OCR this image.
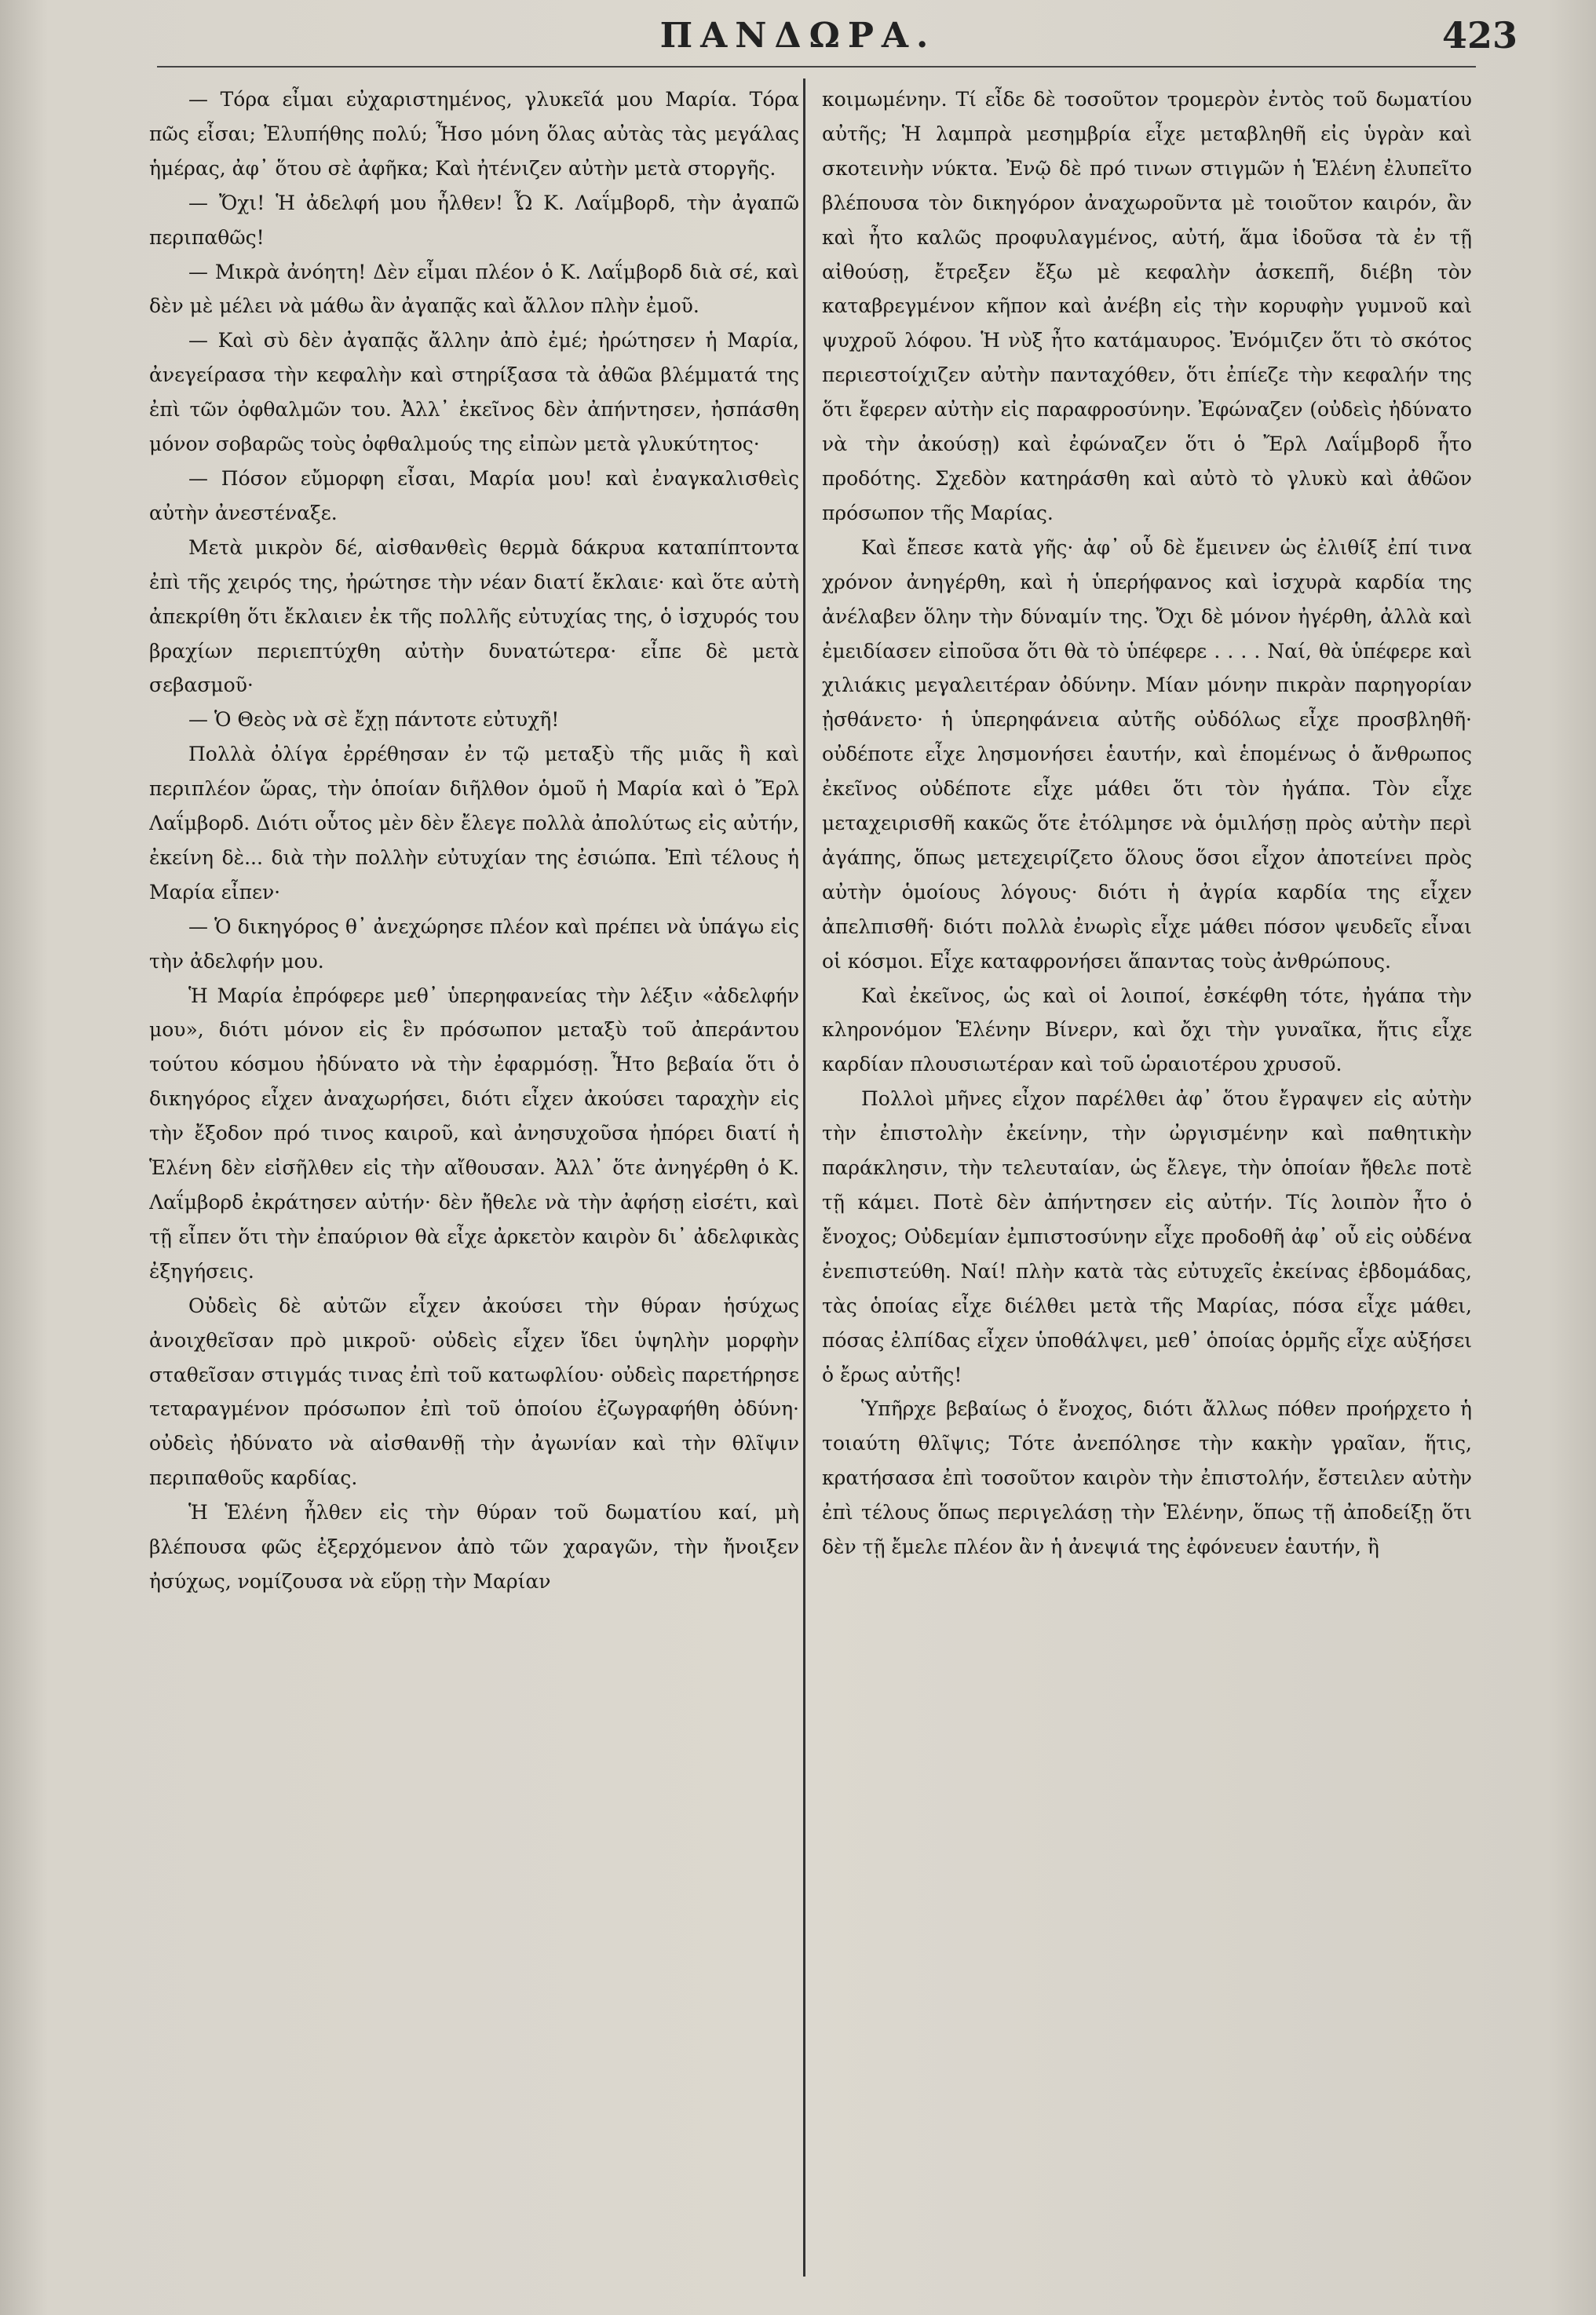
ΠΑΝΔΩΡΑ.	423

— Τόρα εἶμαι εὐχαριστημένος, γλυκεῖά μου Μαρία. Τόρα πῶς εἶσαι; Ἐλυπήθης πολύ; Ἦσο μόνη ὅλας αὐτὰς τὰς μεγάλας ἡμέρας, ἀφ᾽ ὅτου σὲ ἀφῆκα; Καὶ ἠτένιζεν αὐτὴν μετὰ στοργῆς.

— Ὄχι! Ἡ ἀδελφή μου ἦλθεν! Ὦ Κ. Λαΐμβορδ, τὴν ἀγαπῶ περιπαθῶς!

— Μικρὰ ἀνόητη! Δὲν εἶμαι πλέον ὁ Κ. Λαΐμβορδ διὰ σέ, καὶ δὲν μὲ μέλει νὰ μάθω ἂν ἀγαπᾷς καὶ ἄλλον πλὴν ἐμοῦ.

— Καὶ σὺ δὲν ἀγαπᾷς ἄλλην ἀπὸ ἐμέ; ἠρώτησεν ἡ Μαρία, ἀνεγείρασα τὴν κεφαλὴν καὶ στηρίξασα τὰ ἀθῶα βλέμματά της ἐπὶ τῶν ὀφθαλμῶν του. Ἀλλ᾽ ἐκεῖνος δὲν ἀπήντησεν, ἠσπάσθη μόνον σοβαρῶς τοὺς ὀφθαλμούς της εἰπὼν μετὰ γλυκύτητος·

— Πόσον εὔμορφη εἶσαι, Μαρία μου! καὶ ἐναγκαλισθεὶς αὐτὴν ἀνεστέναξε.

Μετὰ μικρὸν δέ, αἰσθανθεὶς θερμὰ δάκρυα καταπίπτοντα ἐπὶ τῆς χειρός της, ἠρώτησε τὴν νέαν διατί ἔκλαιε· καὶ ὅτε αὐτὴ ἀπεκρίθη ὅτι ἔκλαιεν ἐκ τῆς πολλῆς εὐτυχίας της, ὁ ἰσχυρός του βραχίων περιεπτύχθη αὐτὴν δυνατώτερα· εἶπε δὲ μετὰ σεβασμοῦ·

— Ὁ Θεὸς νὰ σὲ ἔχῃ πάντοτε εὐτυχῆ!

Πολλὰ ὀλίγα ἐρρέθησαν ἐν τῷ μεταξὺ τῆς μιᾶς ἢ καὶ περιπλέον ὥρας, τὴν ὁποίαν διῆλθον ὁμοῦ ἡ Μαρία καὶ ὁ Ἔρλ Λαΐμβορδ. Διότι οὗτος μὲν δὲν ἔλεγε πολλὰ ἀπολύτως εἰς αὐτήν, ἐκείνη δὲ... διὰ τὴν πολλὴν εὐτυχίαν της ἐσιώπα. Ἐπὶ τέλους ἡ Μαρία εἶπεν·

— Ὁ δικηγόρος θ᾽ ἀνεχώρησε πλέον καὶ πρέπει νὰ ὑπάγω εἰς τὴν ἀδελφήν μου.

Ἡ Μαρία ἐπρόφερε μεθ᾽ ὑπερηφανείας τὴν λέξιν «ἀδελφήν μου», διότι μόνον εἰς ἓν πρόσωπον μεταξὺ τοῦ ἀπεράντου τούτου κόσμου ἠδύνατο νὰ τὴν ἐφαρμόσῃ. Ἦτο βεβαία ὅτι ὁ δικηγόρος εἶχεν ἀναχωρήσει, διότι εἶχεν ἀκούσει ταραχὴν εἰς τὴν ἔξοδον πρό τινος καιροῦ, καὶ ἀνησυχοῦσα ἠπόρει διατί ἡ Ἑλένη δὲν εἰσῆλθεν εἰς τὴν αἴθουσαν. Ἀλλ᾽ ὅτε ἀνηγέρθη ὁ Κ. Λαΐμβορδ ἐκράτησεν αὐτήν· δὲν ἤθελε νὰ τὴν ἀφήσῃ εἰσέτι, καὶ τῇ εἶπεν ὅτι τὴν ἐπαύριον θὰ εἶχε ἀρκετὸν καιρὸν δι᾽ ἀδελφικὰς ἐξηγήσεις.

Οὐδεὶς δὲ αὐτῶν εἶχεν ἀκούσει τὴν θύραν ἡσύχως ἀνοιχθεῖσαν πρὸ μικροῦ· οὐδεὶς εἶχεν ἴδει ὑψηλὴν μορφὴν σταθεῖσαν στιγμάς τινας ἐπὶ τοῦ κατωφλίου· οὐδεὶς παρετήρησε τεταραγμένον πρόσωπον ἐπὶ τοῦ ὁποίου ἐζωγραφήθη ὀδύνη· οὐδεὶς ἠδύνατο νὰ αἰσθανθῇ τὴν ἀγωνίαν καὶ τὴν θλῖψιν περιπαθοῦς καρδίας.

Ἡ Ἑλένη ἦλθεν εἰς τὴν θύραν τοῦ δωματίου καί, μὴ βλέπουσα φῶς ἐξερχόμενον ἀπὸ τῶν χαραγῶν, τὴν ἤνοιξεν ἠσύχως, νομίζουσα νὰ εὕρῃ τὴν Μαρίαν

κοιμωμένην. Τί εἶδε δὲ τοσοῦτον τρομερὸν ἐντὸς τοῦ δωματίου αὐτῆς; Ἡ λαμπρὰ μεσημβρία εἶχε μεταβληθῆ εἰς ὑγρὰν καὶ σκοτεινὴν νύκτα. Ἐνῷ δὲ πρό τινων στιγμῶν ἡ Ἑλένη ἐλυπεῖτο βλέπουσα τὸν δικηγόρον ἀναχωροῦντα μὲ τοιοῦτον καιρόν, ἂν καὶ ἦτο καλῶς προφυλαγμένος, αὐτή, ἅμα ἰδοῦσα τὰ ἐν τῇ αἰθούσῃ, ἔτρεξεν ἔξω μὲ κεφαλὴν ἀσκεπῆ, διέβη τὸν καταβρεγμένον κῆπον καὶ ἀνέβη εἰς τὴν κορυφὴν γυμνοῦ καὶ ψυχροῦ λόφου. Ἡ νὺξ ἦτο κατάμαυρος. Ἐνόμιζεν ὅτι τὸ σκότος περιεστοίχιζεν αὐτὴν πανταχόθεν, ὅτι ἐπίεζε τὴν κεφαλήν της ὅτι ἔφερεν αὐτὴν εἰς παραφροσύνην. Ἐφώναζεν (οὐδεὶς ἠδύνατο νὰ τὴν ἀκούσῃ) καὶ ἐφώναζεν ὅτι ὁ Ἔρλ Λαΐμβορδ ἦτο προδότης. Σχεδὸν κατηράσθη καὶ αὐτὸ τὸ γλυκὺ καὶ ἀθῶον πρόσωπον τῆς Μαρίας.

Καὶ ἔπεσε κατὰ γῆς· ἀφ᾽ οὗ δὲ ἔμεινεν ὡς ἐλιθίξ ἐπί τινα χρόνον ἀνηγέρθη, καὶ ἡ ὑπερήφανος καὶ ἰσχυρὰ καρδία της ἀνέλαβεν ὅλην τὴν δύναμίν της. Ὄχι δὲ μόνον ἠγέρθη, ἀλλὰ καὶ ἐμειδίασεν εἰποῦσα ὅτι θὰ τὸ ὑπέφερε . . . . Ναί, θὰ ὑπέφερε καὶ χιλιάκις μεγαλειτέραν ὀδύνην. Μίαν μόνην πικρὰν παρηγορίαν ᾐσθάνετο· ἡ ὑπερηφάνεια αὐτῆς οὐδόλως εἶχε προσβληθῆ· οὐδέποτε εἶχε λησμονήσει ἑαυτήν, καὶ ἑπομένως ὁ ἄνθρωπος ἐκεῖνος οὐδέποτε εἶχε μάθει ὅτι τὸν ἠγάπα. Τὸν εἶχε μεταχειρισθῆ κακῶς ὅτε ἐτόλμησε νὰ ὁμιλήσῃ πρὸς αὐτὴν περὶ ἀγάπης, ὅπως μετεχειρίζετο ὅλους ὅσοι εἶχον ἀποτείνει πρὸς αὐτὴν ὁμοίους λόγους· διότι ἡ ἀγρία καρδία της εἶχεν ἀπελπισθῆ· διότι πολλὰ ἐνωρὶς εἶχε μάθει πόσον ψευδεῖς εἶναι οἱ κόσμοι. Εἶχε καταφρονήσει ἅπαντας τοὺς ἀνθρώπους.

Καὶ ἐκεῖνος, ὡς καὶ οἱ λοιποί, ἐσκέφθη τότε, ἠγάπα τὴν κληρονόμον Ἑλένην Βίνερν, καὶ ὄχι τὴν γυναῖκα, ἥτις εἶχε καρδίαν πλουσιωτέραν καὶ τοῦ ὡραιοτέρου χρυσοῦ.

Πολλοὶ μῆνες εἶχον παρέλθει ἀφ᾽ ὅτου ἔγραψεν εἰς αὐτὴν τὴν ἐπιστολὴν ἐκείνην, τὴν ὠργισμένην καὶ παθητικὴν παράκλησιν, τὴν τελευταίαν, ὡς ἔλεγε, τὴν ὁποίαν ἤθελε ποτὲ τῇ κάμει. Ποτὲ δὲν ἀπήντησεν εἰς αὐτήν. Τίς λοιπὸν ἦτο ὁ ἔνοχος; Οὐδεμίαν ἐμπιστοσύνην εἶχε προδοθῆ ἀφ᾽ οὗ εἰς οὐδένα ἐνεπιστεύθη. Ναί! πλὴν κατὰ τὰς εὐτυχεῖς ἐκείνας ἑβδομάδας, τὰς ὁποίας εἶχε διέλθει μετὰ τῆς Μαρίας, πόσα εἶχε μάθει, πόσας ἐλπίδας εἶχεν ὑποθάλψει, μεθ᾽ ὁποίας ὁρμῆς εἶχε αὐξήσει ὁ ἔρως αὐτῆς!

Ὑπῆρχε βεβαίως ὁ ἔνοχος, διότι ἄλλως πόθεν προήρχετο ἡ τοιαύτη θλῖψις; Τότε ἀνεπόλησε τὴν κακὴν γραῖαν, ἥτις, κρατήσασα ἐπὶ τοσοῦτον καιρὸν τὴν ἐπιστολήν, ἔστειλεν αὐτὴν ἐπὶ τέλους ὅπως περιγελάσῃ τὴν Ἑλένην, ὅπως τῇ ἀποδείξῃ ὅτι δὲν τῇ ἔμελε πλέον ἂν ἡ ἀνεψιά της ἐφόνευεν ἑαυτήν, ἢ
